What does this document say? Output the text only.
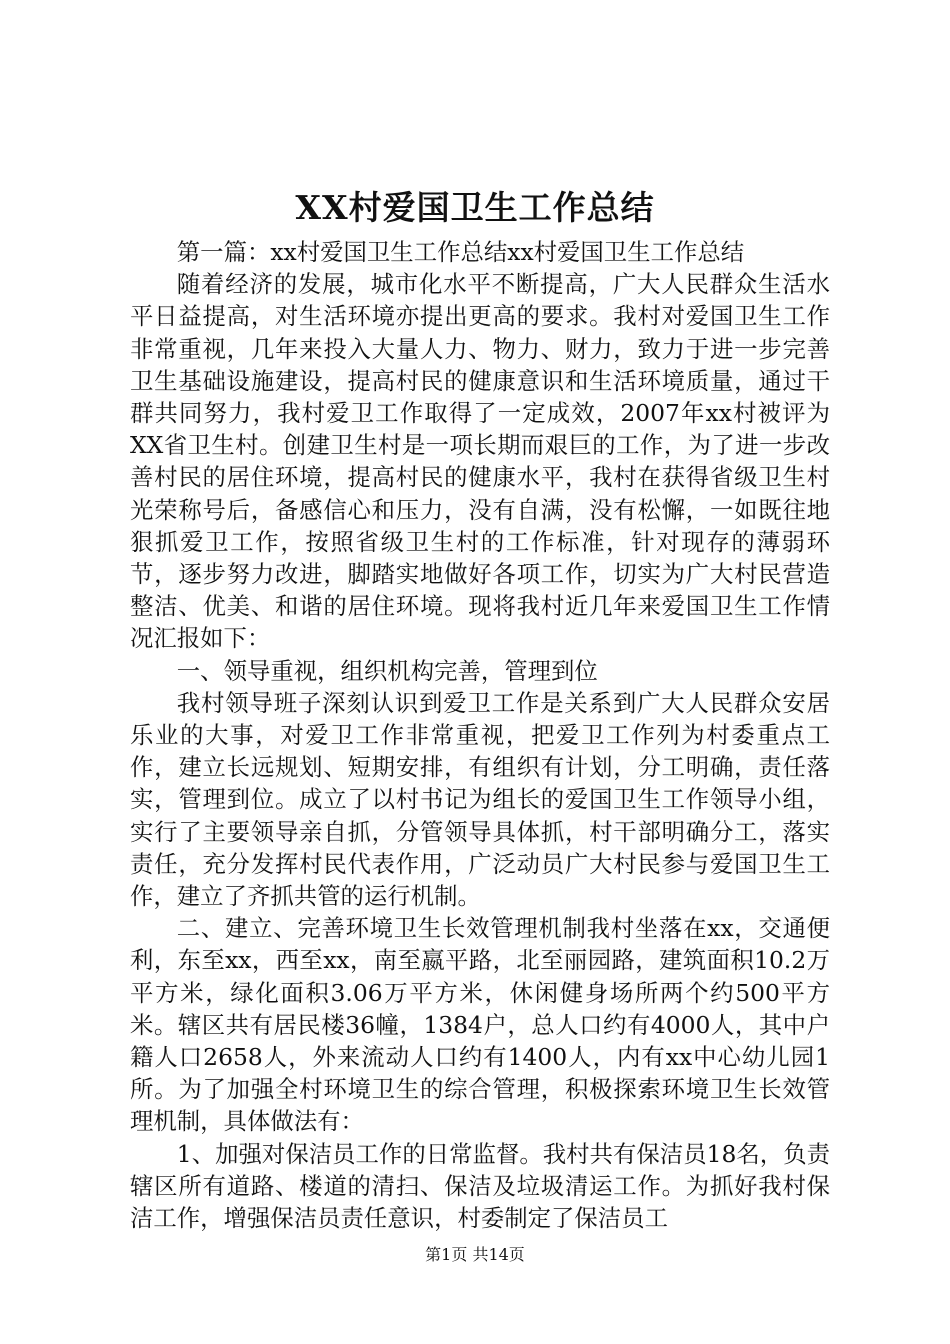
XX村爱国卫生工作总结

第一篇：xx村爱国卫生工作总结xx村爱国卫生工作总结

随着经济的发展，城市化水平不断提高，广大人民群众生活水平日益提高，对生活环境亦提出更高的要求。我村对爱国卫生工作非常重视，几年来投入大量人力、物力、财力，致力于进一步完善卫生基础设施建设，提高村民的健康意识和生活环境质量，通过干群共同努力，我村爱卫工作取得了一定成效，2007年xx村被评为XX省卫生村。创建卫生村是一项长期而艰巨的工作，为了进一步改善村民的居住环境，提高村民的健康水平，我村在获得省级卫生村光荣称号后，备感信心和压力，没有自满，没有松懈，一如既往地狠抓爱卫工作，按照省级卫生村的工作标准，针对现存的薄弱环节，逐步努力改进，脚踏实地做好各项工作，切实为广大村民营造整洁、优美、和谐的居住环境。现将我村近几年来爱国卫生工作情况汇报如下：

一、领导重视，组织机构完善，管理到位

我村领导班子深刻认识到爱卫工作是关系到广大人民群众安居乐业的大事，对爱卫工作非常重视，把爱卫工作列为村委重点工作，建立长远规划、短期安排，有组织有计划，分工明确，责任落实，管理到位。成立了以村书记为组长的爱国卫生工作领导小组，实行了主要领导亲自抓，分管领导具体抓，村干部明确分工，落实责任，充分发挥村民代表作用，广泛动员广大村民参与爱国卫生工作，建立了齐抓共管的运行机制。

二、建立、完善环境卫生长效管理机制我村坐落在xx，交通便利，东至xx，西至xx，南至嬴平路，北至丽园路，建筑面积10.2万平方米，绿化面积3.06万平方米，休闲健身场所两个约500平方米。辖区共有居民楼36幢，1384户，总人口约有4000人，其中户籍人口2658人，外来流动人口约有1400人，内有xx中心幼儿园1所。为了加强全村环境卫生的综合管理，积极探索环境卫生长效管理机制，具体做法有：

1、加强对保洁员工作的日常监督。我村共有保洁员18名，负责辖区所有道路、楼道的清扫、保洁及垃圾清运工作。为抓好我村保洁工作，增强保洁员责任意识，村委制定了保洁员工

第1页 共14页
